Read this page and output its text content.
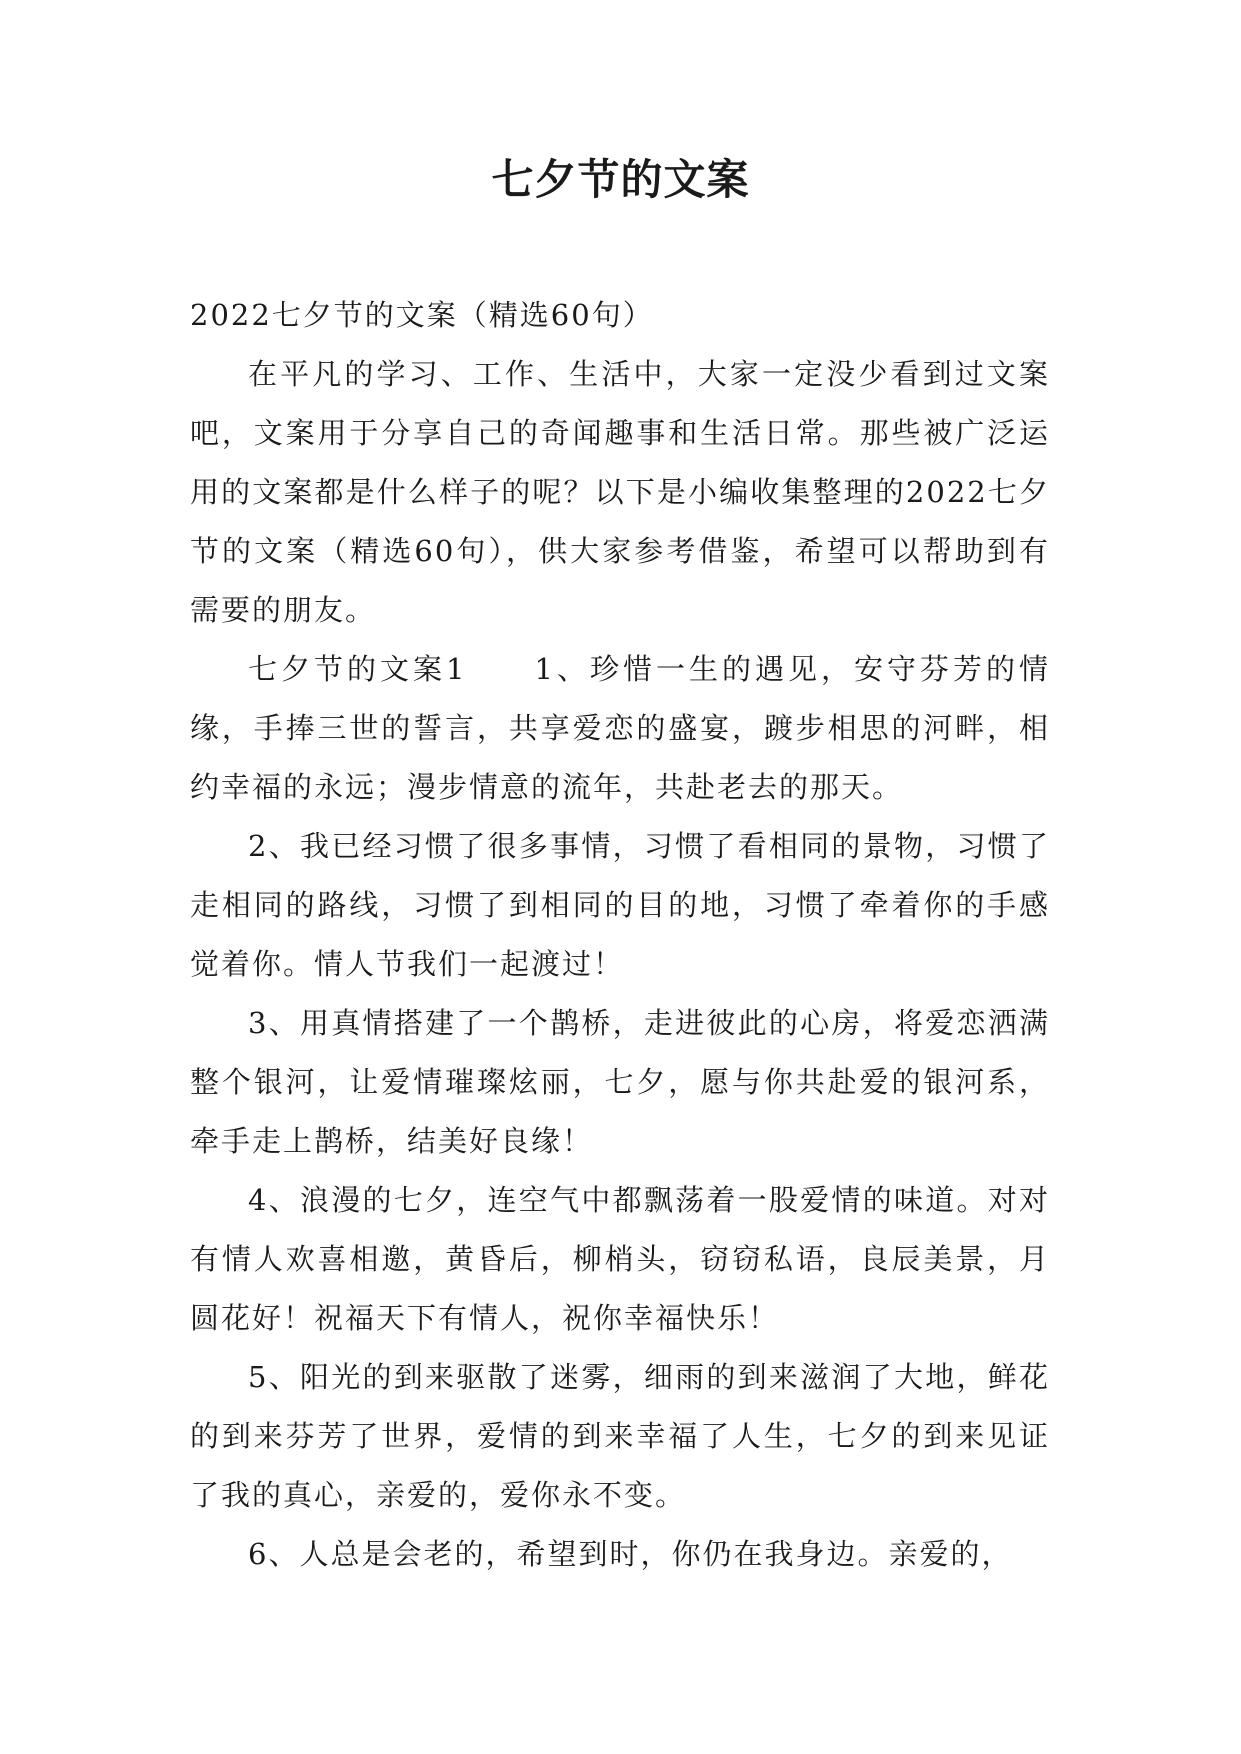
七夕节的文案

2022七夕节的文案（精选60句）

在平凡的学习、工作、生活中，大家一定没少看到过文案吧，文案用于分享自己的奇闻趣事和生活日常。那些被广泛运用的文案都是什么样子的呢？以下是小编收集整理的2022七夕节的文案（精选60句），供大家参考借鉴，希望可以帮助到有需要的朋友。

七夕节的文案1　　1、珍惜一生的遇见，安守芬芳的情缘，手捧三世的誓言，共享爱恋的盛宴，踱步相思的河畔，相约幸福的永远；漫步情意的流年，共赴老去的那天。

2、我已经习惯了很多事情，习惯了看相同的景物，习惯了走相同的路线，习惯了到相同的目的地，习惯了牵着你的手感觉着你。情人节我们一起渡过！

3、用真情搭建了一个鹊桥，走进彼此的心房，将爱恋洒满整个银河，让爱情璀璨炫丽，七夕，愿与你共赴爱的银河系，牵手走上鹊桥，结美好良缘！

4、浪漫的七夕，连空气中都飘荡着一股爱情的味道。对对有情人欢喜相邀，黄昏后，柳梢头，窃窃私语，良辰美景，月圆花好！祝福天下有情人，祝你幸福快乐！

5、阳光的到来驱散了迷雾，细雨的到来滋润了大地，鲜花的到来芬芳了世界，爱情的到来幸福了人生，七夕的到来见证了我的真心，亲爱的，爱你永不变。

6、人总是会老的，希望到时，你仍在我身边。亲爱的，
